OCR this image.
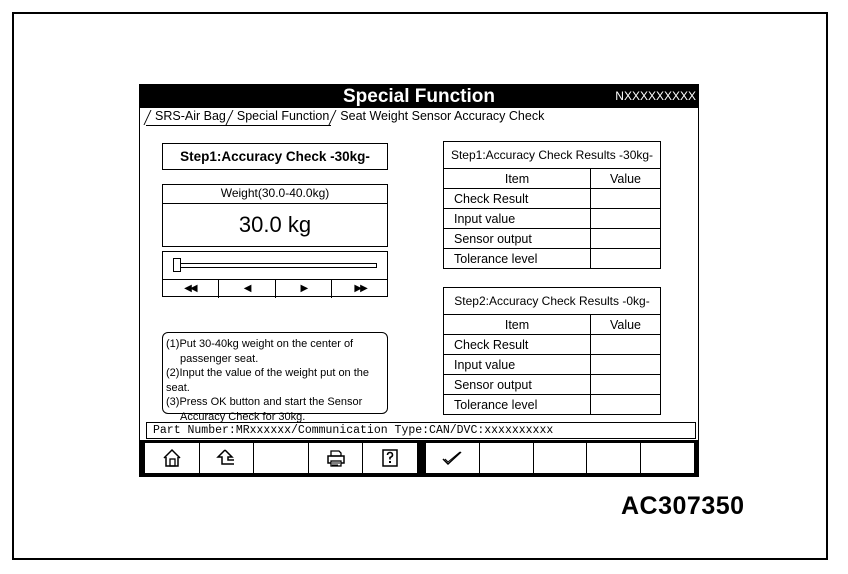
Special Function	NXXXXXXXXX
SRS-Air Bag Special Function Seat Weight Sensor Accuracy Check
Step1:Accuracy Check -30kg-
Weight(30.0-40.0kg)
30.0 kg
◀◀	◀	▶	▶▶

(1)Put 30-40kg weight on the center of

passenger seat.

(2)Input the value of the weight put on the seat.

(3)Press OK button and start the Sensor

Accuracy Check for 30kg.

Step1:Accuracy Check Results -30kg-	
Item	Value
Check Result	
Input value	
Sensor output	
Tolerance level	
Step2:Accuracy Check Results -0kg-	
Item	Value
Check Result	
Input value	
Sensor output	
Tolerance level	
Part Number:MRxxxxxx/Communication Type:CAN/DVC:xxxxxxxxxx
AC307350
